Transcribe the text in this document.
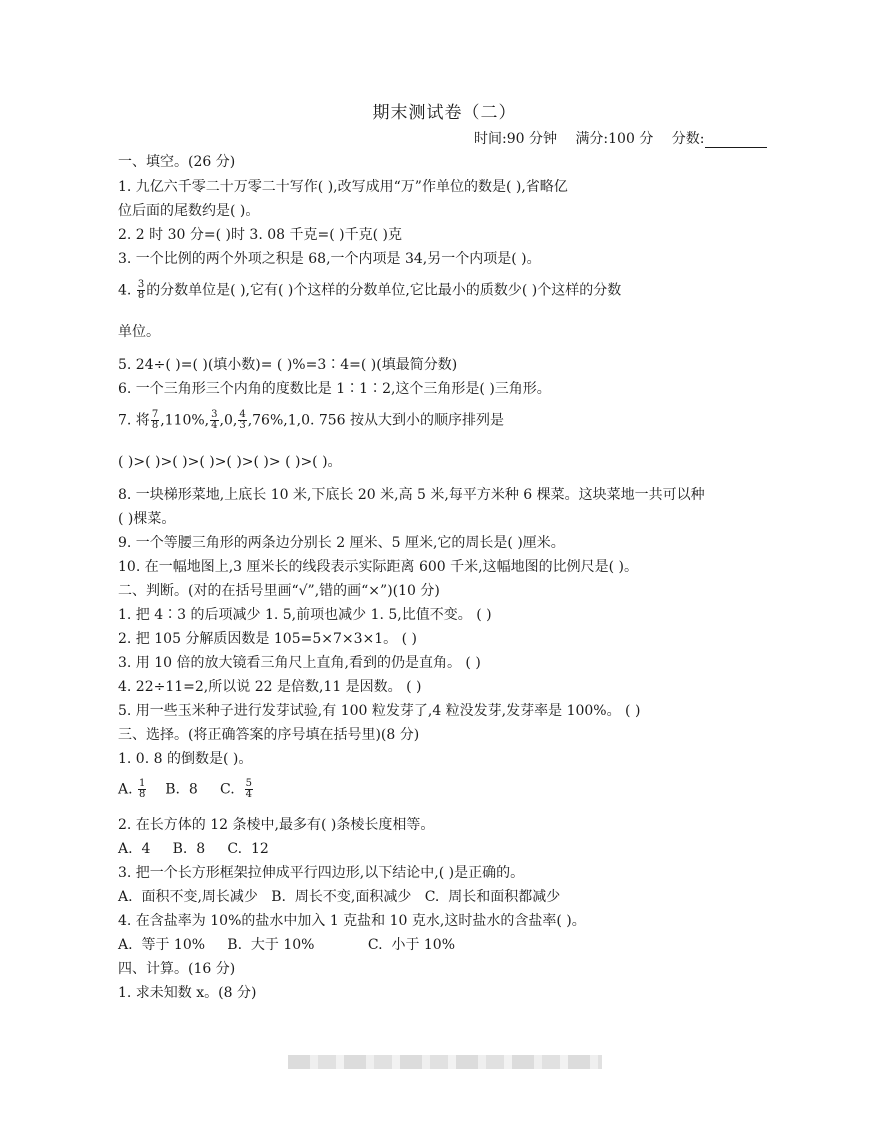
期末测试卷（二）
时间:90 分钟 满分:100 分 分数:
一、填空。(26 分)
1. 九亿六千零二十万零二十写作( ),改写成用“万”作单位的数是( ),省略亿
位后面的尾数约是( )。
2. 2 时 30 分=( )时 3. 08 千克=( )千克( )克
3. 一个比例的两个外项之积是 68,一个内项是 34,另一个内项是( )。
4. $\frac{3}{8}$ 的分数单位是( ),它有( )个这样的分数单位,它比最小的质数少( )个这样的分数
单位。
5. 24÷( )=( )(填小数)= ( )%=3∶4=( )(填最简分数)
6. 一个三角形三个内角的度数比是 1∶1∶2,这个三角形是( )三角形。
7. 将 $\frac{7}{8} ,110\%$, $\frac{3}{4} ,0$, $\frac{4}{3} ,76\%,1,0$. 756 按从大到小的顺序排列是
( )>( )>( )>( )>( )>( )> ( )>( )。
8. 一块梯形菜地,上底长 10 米,下底长 20 米,高 5 米,每平方米种 6 棵菜。这块菜地一共可以种
( )棵菜。
9. 一个等腰三角形的两条边分别长 2 厘米、5 厘米,它的周长是( )厘米。
10. 在一幅地图上,3 厘米长的线段表示实际距离 600 千米,这幅地图的比例尺是( )。
二、判断。(对的在括号里画“√”,错的画“×”)(10 分)
1. 把 4∶3 的后项减少 1. 5,前项也减少 1. 5,比值不变。 ( )
2. 把 105 分解质因数是 105=5×7×3×1。 ( )
3. 用 10 倍的放大镜看三角尺上直角,看到的仍是直角。 ( )
4. 22÷11=2,所以说 22 是倍数,11 是因数。 ( )
5. 用一些玉米种子进行发芽试验,有 100 粒发芽了,4 粒没发芽,发芽率是 100%。 ( )
三、选择。(将正确答案的序号填在括号里)(8 分)
1. 0. 8 的倒数是( )。
A. $\frac{1}{8} B$.  8     C. $\frac{5}{4}$
2. 在长方体的 12 条棱中,最多有( )条棱长度相等。
A.  4     B.  8     C.  12
3. 把一个长方形框架拉伸成平行四边形,以下结论中,( )是正确的。
A.  面积不变,周长减少   B.  周长不变,面积减少   C.  周长和面积都减少
4. 在含盐率为 10%的盐水中加入 1 克盐和 10 克水,这时盐水的含盐率( )。
A.  等于 10%     B.  大于 10%            C.  小于 10%
四、计算。(16 分)
1. 求未知数 x。(8 分)
